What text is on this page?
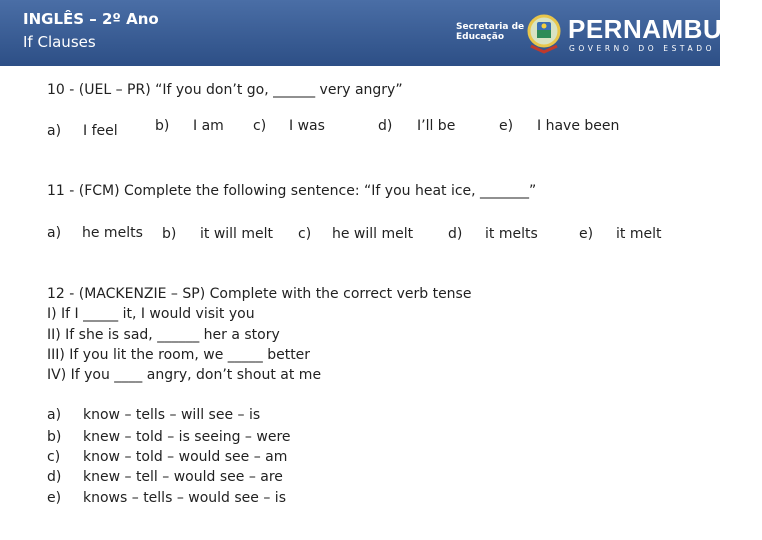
INGLÊS – 2º Ano
If Clauses
Secretaria de
Educação	PERNAMBUCO
GOVERNO DO ESTADO
10 - (UEL – PR) “If you don’t go, ______ very angry”
a) I feel	b) I am c) I was	d) I’ll be	e) I have been
11 - (FCM) Complete the following sentence: “If you heat ice, _______”
a) he melts b) it will melt c) he will melt d) it melts	e) it melt
12 - (MACKENZIE – SP) Complete with the correct verb tense
I) If I _____ it, I would visit you
II) If she is sad, ______ her a story
III) If you lit the room, we _____ better
IV) If you ____ angry, don’t shout at me
a) know – tells – will see – is
b) knew – told – is seeing – were
c) know – told – would see – am
d) knew – tell – would see – are
e) knows – tells – would see – is
